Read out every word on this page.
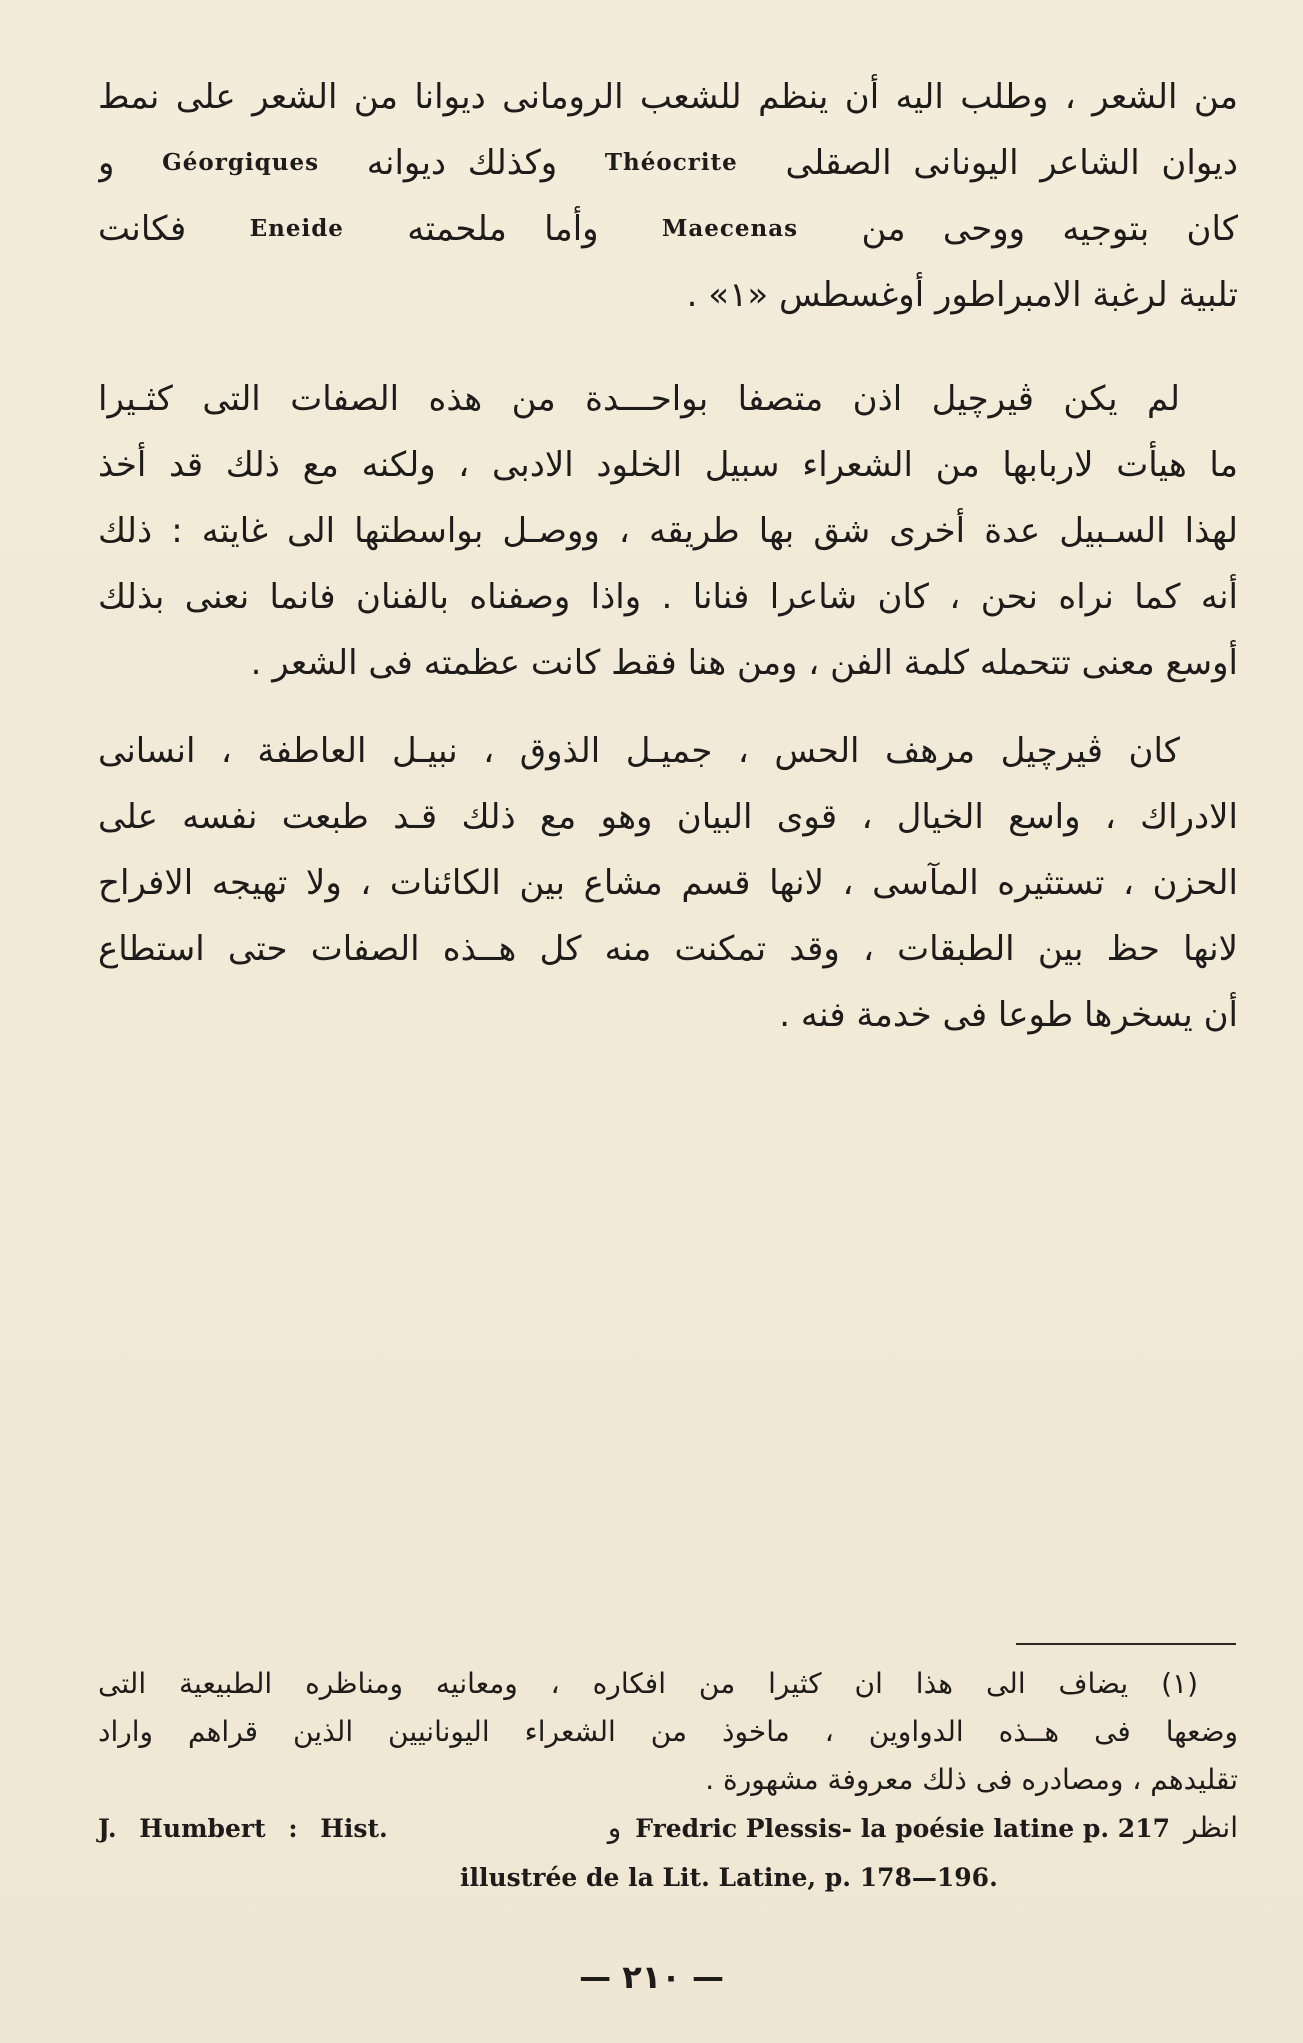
من الشعر ، وطلب اليه أن ينظم للشعب الرومانى ديوانا من الشعر على نمط
ديوان الشاعر اليونانى الصقلى Théocrite وكذلك ديوانه Géorgiques و
كان بتوجيه ووحى من Maecenas وأما ملحمته Eneide فكانت
تلبية لرغبة الامبراطور أوغسطس «١» .
لم يكن ڤيرچيل اذن متصفا بواحـــدة من هذه الصفات التى كثـيرا
ما هيأت لاربابها من الشعراء سبيل الخلود الادبى ، ولكنه مع ذلك قد أخذ
لهذا السـبيل عدة أخرى شق بها طريقه ، ووصـل بواسطتها الى غايته : ذلك
أنه كما نراه نحن ، كان شاعرا فنانا . واذا وصفناه بالفنان فانما نعنى بذلك
أوسع معنى تتحمله كلمة الفن ، ومن هنا فقط كانت عظمته فى الشعر .
كان ڤيرچيل مرهف الحس ، جميـل الذوق ، نبيـل العاطفة ، انسانى
الادراك ، واسع الخيال ، قوى البيان وهو مع ذلك قـد طبعت نفسه على
الحزن ، تستثيره المآسى ، لانها قسم مشاع بين الكائنات ، ولا تهيجه الافراح
لانها حظ بين الطبقات ، وقد تمكنت منه كل هــذه الصفات حتى استطاع
أن يسخرها طوعا فى خدمة فنه .
(١) يضاف الى هذا ان كثيرا من افكاره ، ومعانيه ومناظره الطبيعية التى
وضعها فى هــذه الدواوين ، ماخوذ من الشعراء اليونانيين الذين قراهم واراد
تقليدهم ، ومصادره فى ذلك معروفة مشهورة .
J. Humbert : Hist.	و Fredric Plessis- la poésie latine p. 217 انظر
illustrée de la Lit. Latine, p. 178—196.
— ٢١٠ —
